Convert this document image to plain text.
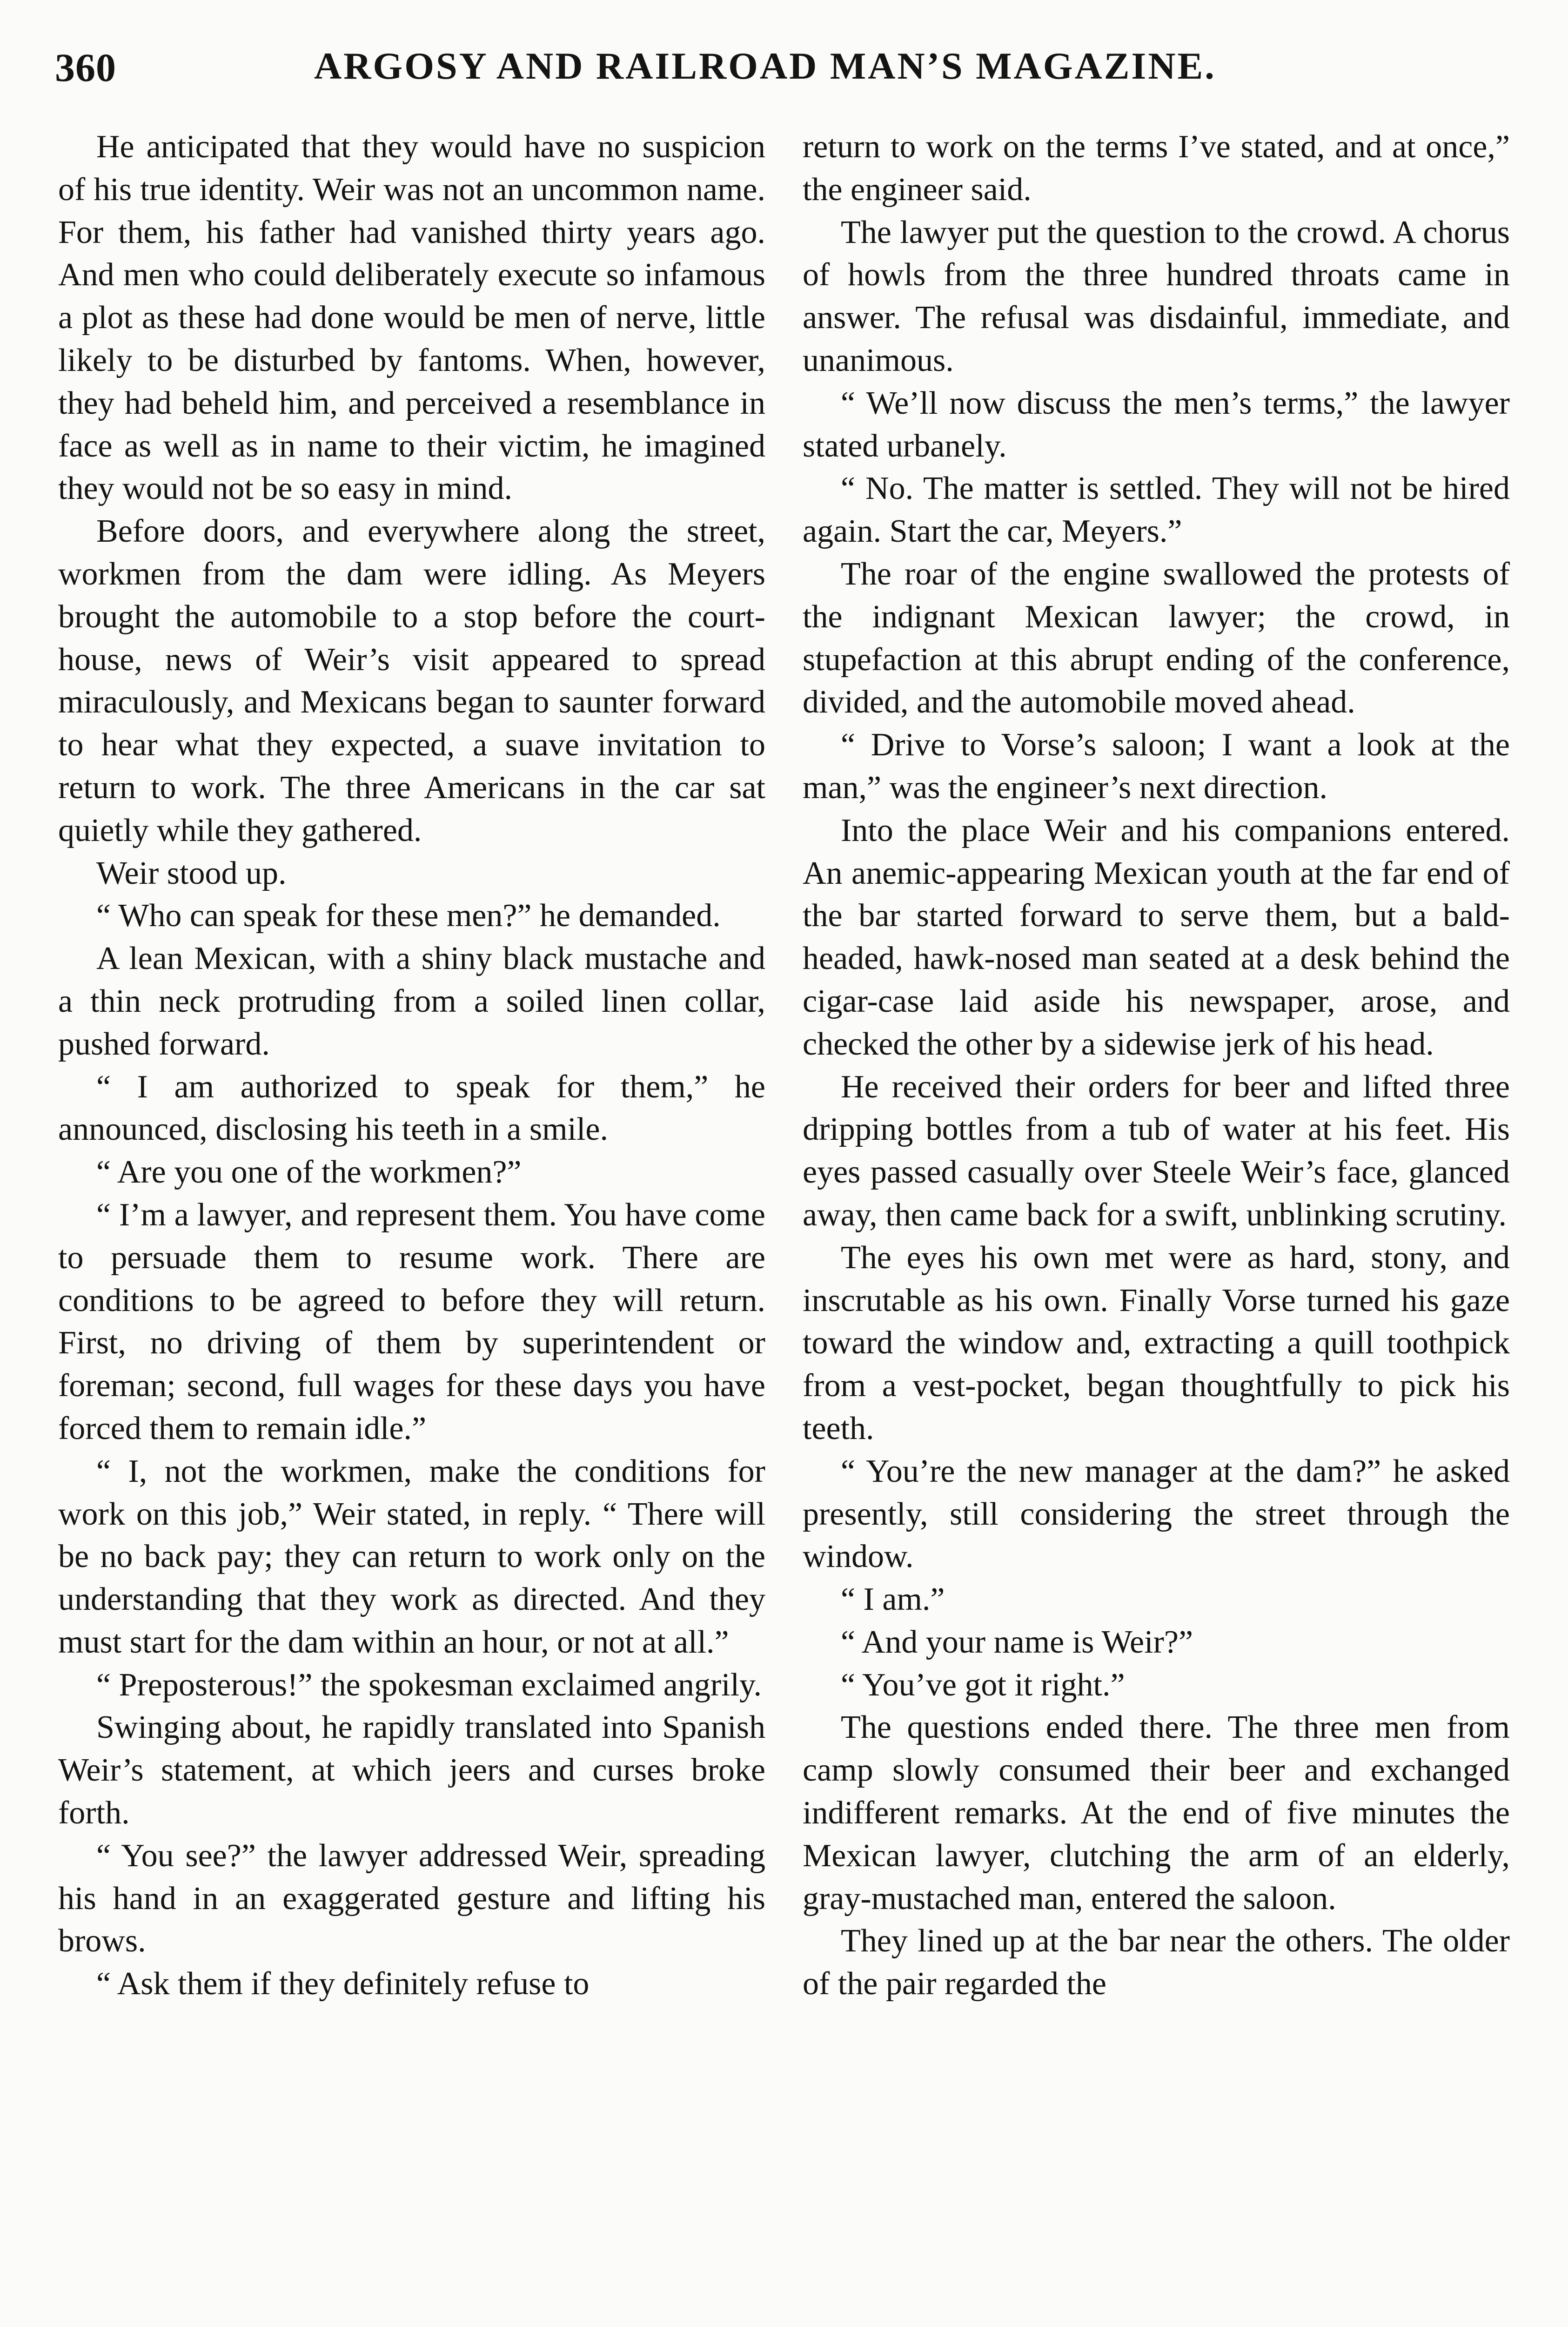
360	ARGOSY AND RAILROAD MAN’S MAGAZINE.

He anticipated that they would have no suspicion of his true identity. Weir was not an uncommon name. For them, his father had vanished thirty years ago. And men who could deliberately execute so infamous a plot as these had done would be men of nerve, little likely to be disturbed by fantoms. When, however, they had beheld him, and perceived a resemblance in face as well as in name to their victim, he imagined they would not be so easy in mind.

Before doors, and everywhere along the street, workmen from the dam were idling. As Meyers brought the automobile to a stop before the court-house, news of Weir’s visit appeared to spread miraculously, and Mexicans began to saunter forward to hear what they expected, a suave invitation to return to work. The three Americans in the car sat quietly while they gathered.

Weir stood up.

“ Who can speak for these men?” he demanded.

A lean Mexican, with a shiny black mustache and a thin neck protruding from a soiled linen collar, pushed forward.

“ I am authorized to speak for them,” he announced, disclosing his teeth in a smile.

“ Are you one of the workmen?”

“ I’m a lawyer, and represent them. You have come to persuade them to resume work. There are conditions to be agreed to before they will return. First, no driving of them by superintendent or foreman; second, full wages for these days you have forced them to remain idle.”

“ I, not the workmen, make the conditions for work on this job,” Weir stated, in reply. “ There will be no back pay; they can return to work only on the understanding that they work as directed. And they must start for the dam within an hour, or not at all.”

“ Preposterous!” the spokesman exclaimed angrily.

Swinging about, he rapidly translated into Spanish Weir’s statement, at which jeers and curses broke forth.

“ You see?” the lawyer addressed Weir, spreading his hand in an exaggerated gesture and lifting his brows.

“ Ask them if they definitely refuse to

return to work on the terms I’ve stated, and at once,” the engineer said.

The lawyer put the question to the crowd. A chorus of howls from the three hundred throats came in answer. The refusal was disdainful, immediate, and unanimous.

“ We’ll now discuss the men’s terms,” the lawyer stated urbanely.

“ No. The matter is settled. They will not be hired again. Start the car, Meyers.”

The roar of the engine swallowed the protests of the indignant Mexican lawyer; the crowd, in stupefaction at this abrupt ending of the conference, divided, and the automobile moved ahead.

“ Drive to Vorse’s saloon; I want a look at the man,” was the engineer’s next direction.

Into the place Weir and his companions entered. An anemic-appearing Mexican youth at the far end of the bar started forward to serve them, but a bald-headed, hawk-nosed man seated at a desk behind the cigar-case laid aside his newspaper, arose, and checked the other by a sidewise jerk of his head.

He received their orders for beer and lifted three dripping bottles from a tub of water at his feet. His eyes passed casually over Steele Weir’s face, glanced away, then came back for a swift, unblinking scrutiny.

The eyes his own met were as hard, stony, and inscrutable as his own. Finally Vorse turned his gaze toward the window and, extracting a quill toothpick from a vest-pocket, began thoughtfully to pick his teeth.

“ You’re the new manager at the dam?” he asked presently, still considering the street through the window.

“ I am.”

“ And your name is Weir?”

“ You’ve got it right.”

The questions ended there. The three men from camp slowly consumed their beer and exchanged indifferent remarks. At the end of five minutes the Mexican lawyer, clutching the arm of an elderly, gray-mustached man, entered the saloon.

They lined up at the bar near the others. The older of the pair regarded the
